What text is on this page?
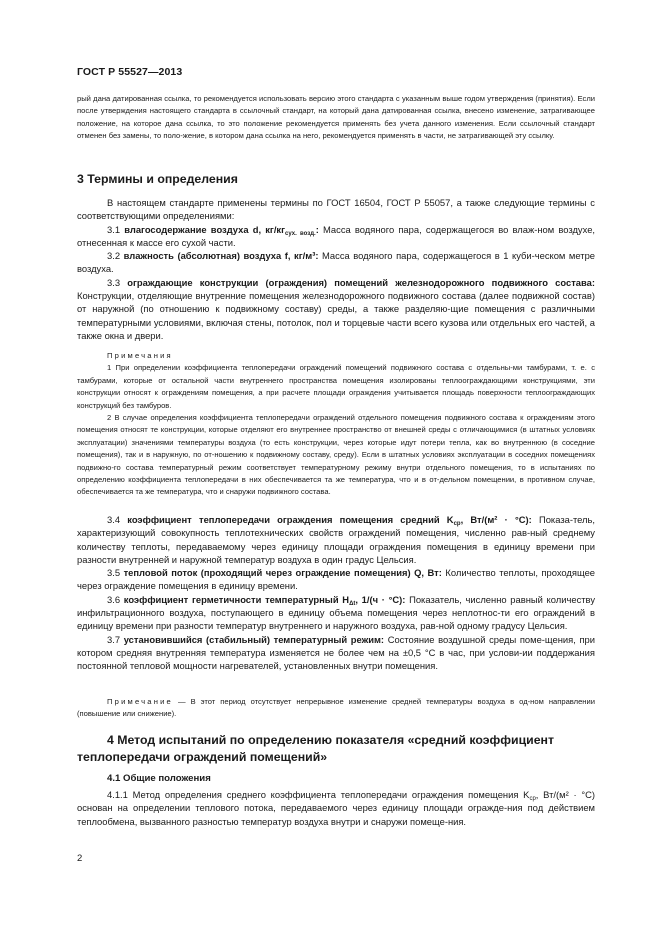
ГОСТ Р 55527—2013

рый дана датированная ссылка, то рекомендуется использовать версию этого стандарта с указанным выше годом утверждения (принятия). Если после утверждения настоящего стандарта в ссылочный стандарт, на который дана датированная ссылка, внесено изменение, затрагивающее положение, на которое дана ссылка, то это положение рекомендуется применять без учета данного изменения. Если ссылочный стандарт отменен без замены, то поло-жение, в котором дана ссылка на него, рекомендуется применять в части, не затрагивающей эту ссылку.

3 Термины и определения

В настоящем стандарте применены термины по ГОСТ 16504, ГОСТ Р 55057, а также следующие термины с соответствующими определениями:

3.1 влагосодержание воздуха d, $кг/кг_{сух. возд.}$: Масса водяного пара, содержащегося во влаж-ном воздухе, отнесенная к массе его сухой части.

3.2 влажность (абсолютная) воздуха f, кг/м³: Масса водяного пара, содержащегося в 1 куби-ческом метре воздуха.

3.3 ограждающие конструкции (ограждения) помещений железнодорожного подвижного состава: Конструкции, отделяющие внутренние помещения железнодорожного подвижного состава (далее подвижной состав) от наружной (по отношению к подвижному составу) среды, а также разделяю-щие помещения с различными температурными условиями, включая стены, потолок, пол и торцевые части всего кузова или отдельных его частей, а также окна и двери.

Примечания

1 При определении коэффициента теплопередачи ограждений помещений подвижного состава с отдельны-ми тамбурами, т. е. с тамбурами, которые от остальной части внутреннего пространства помещения изолированы теплоограждающими конструкциями, эти конструкции относят к ограждениям помещения, а при расчете площади ограждения учитывается площадь поверхности теплоограждающих конструкций без тамбуров.

2 В случае определения коэффициента теплопередачи ограждений отдельного помещения подвижного состава к ограждениям этого помещения относят те конструкции, которые отделяют его внутреннее пространство от внешней среды с отличающимися (в штатных условиях эксплуатации) значениями температуры воздуха (то есть конструкции, через которые идут потери тепла, как во внутреннюю (в соседние помещения), так и в наружную, по от-ношению к подвижному составу, среду). Если в штатных условиях эксплуатации в соседних помещениях подвижно-го состава температурный режим соответствует температурному режиму внутри отдельного помещения, то в испытаниях по определению коэффициента теплопередачи в них обеспечивается та же температура, что и в от-дельном помещении, в противном случае, обеспечивается та же температура, что и снаружи подвижного состава.

3.4 коэффициент теплопередачи ограждения помещения средний $K_{ср}$, Вт/(м² · °С): Показа-тель, характеризующий совокупность теплотехнических свойств ограждений помещения, численно рав-ный среднему количеству теплоты, передаваемому через единицу площади ограждения помещения в единицу времени при разности внутренней и наружной температур воздуха в один градус Цельсия.

3.5 тепловой поток (проходящий через ограждение помещения) Q, Вт: Количество теплоты, проходящее через ограждение помещения в единицу времени.

3.6 коэффициент герметичности температурный $H_{\Delta t}$, 1/(ч · °С): Показатель, численно равный количеству инфильтрационного воздуха, поступающего в единицу объема помещения через неплотнос-ти его ограждений в единицу времени при разности температур внутреннего и наружного воздуха, рав-ной одному градусу Цельсия.

3.7 установившийся (стабильный) температурный режим: Состояние воздушной среды поме-щения, при котором средняя внутренняя температура изменяется не более чем на ±0,5 °С в час, при услови-ии поддержания постоянной тепловой мощности нагревателей, установленных внутри помещения.

Примечание — В этот период отсутствует непрерывное изменение средней температуры воздуха в од-ном направлении (повышение или снижение).

4 Метод испытаний по определению показателя «средний коэффициент теплопередачи ограждений помещений»

4.1 Общие положения

4.1.1 Метод определения среднего коэффициента теплопередачи ограждения помещения $K_{ср}$, Вт/(м² · °С) основан на определении теплового потока, передаваемого через единицу площади огражде-ния под действием теплообмена, вызванного разностью температур воздуха внутри и снаружи помеще-ния.

2
